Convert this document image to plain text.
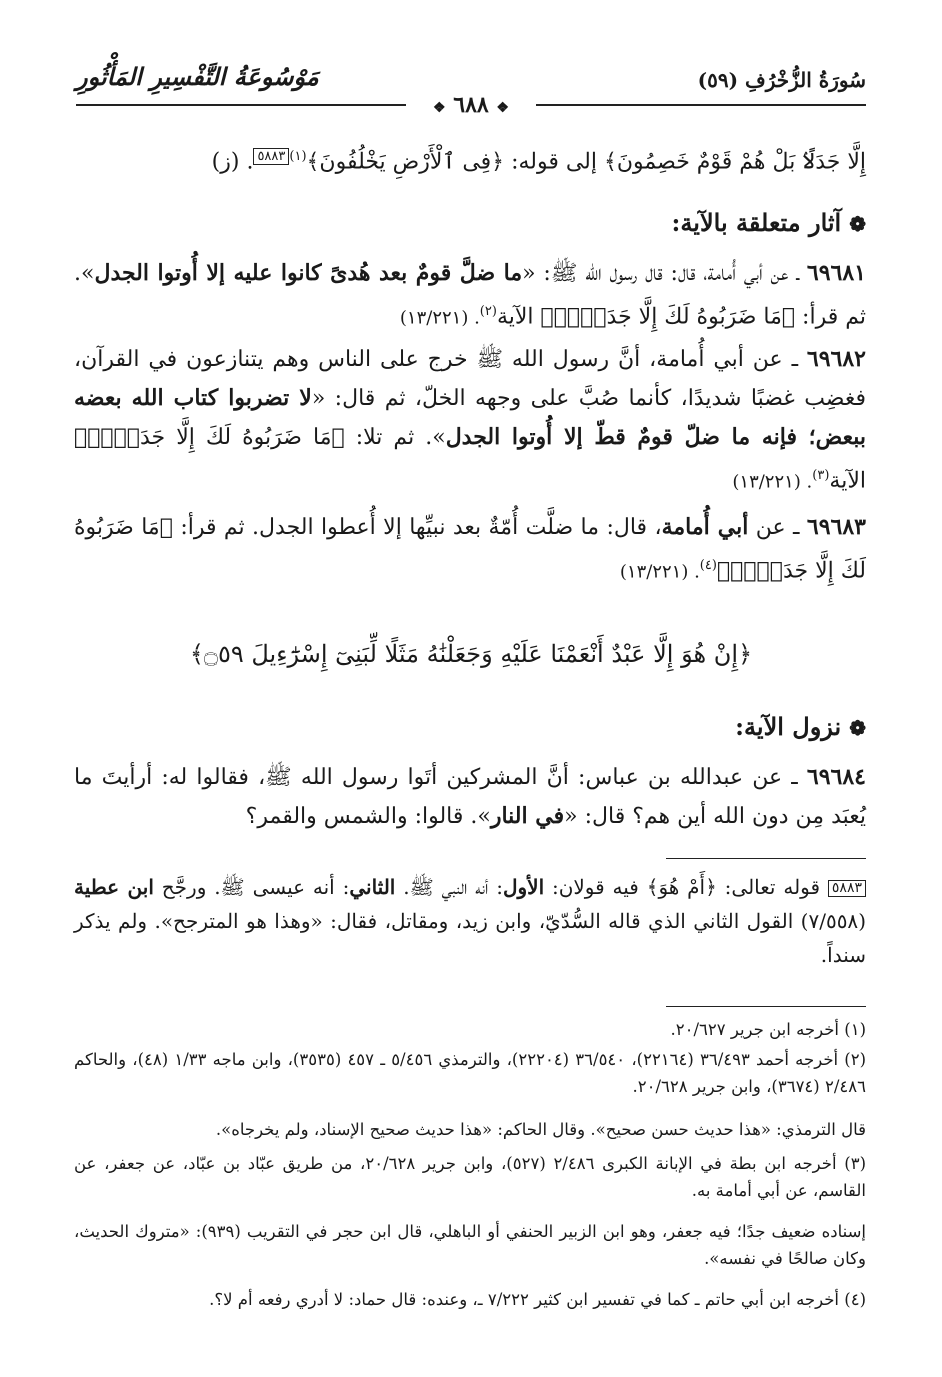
سُورَةُ الزُّخْرُفِ (٥٩)
مَوْسُوعَةُ التَّفْسِيرِ المَأْثُورِ
❖ ٦٨٨ ❖
إِلَّا جَدَلًاۢ بَلْ هُمْ قَوْمٌ خَصِمُونَ﴾ إلى قوله: ﴿فِى ٱلْأَرْضِ يَخْلُفُونَ﴾$^{(١)}$٥٨٨٣. (ز)
❁آثار متعلقة بالآية:
٦٩٦٨١ ـ عن أبي أُمامة، قال: قال رسول الله ﷺ: «ما ضلَّ قومٌ بعد هُدىً كانوا عليه إلا أُوتوا الجدل». ثم قرأ: ﴿مَا ضَرَبُوهُ لَكَ إِلَّا جَدَلًاۢ﴾ الآية$^{(٢)}$. (١٣/٢٢١)
٦٩٦٨٢ ـ عن أبي أُمامة، أنَّ رسول الله ﷺ خرج على الناس وهم يتنازعون في القرآن، فغضِب غضبًا شديدًا، كأنما صُبَّ على وجهه الخلّ، ثم قال: «لا تضربوا كتاب الله بعضه ببعض؛ فإنه ما ضلّ قومٌ قطّ إلا أُوتوا الجدل». ثم تلا: ﴿مَا ضَرَبُوهُ لَكَ إِلَّا جَدَلًاۢ﴾ الآية$^{(٣)}$. (١٣/٢٢١)
٦٩٦٨٣ ـ عن أبي أُمامة، قال: ما ضلَّت أُمّةٌ بعد نبيِّها إلا أُعطوا الجدل. ثم قرأ: ﴿مَا ضَرَبُوهُ لَكَ إِلَّا جَدَلًاۢ﴾$^{(٤)}$. (١٣/٢٢١)
﴿إِنْ هُوَ إِلَّا عَبْدٌ أَنْعَمْنَا عَلَيْهِ وَجَعَلْنَٰهُ مَثَلًا لِّبَنِىٓ إِسْرَٰٓءِيلَ ۝٥٩﴾
❁نزول الآية:
٦٩٦٨٤ ـ عن عبدالله بن عباس: أنَّ المشركين أتَوا رسول الله ﷺ، فقالوا له: أرأيتَ ما يُعبَد مِن دون الله أين هم؟ قال: «في النار». قالوا: والشمس والقمر؟
٥٨٨٣ قوله تعالى: ﴿أَمْ هُوَ﴾ فيه قولان: الأول: أنه النبي ﷺ. الثاني: أنه عيسى ﷺ. ورجَّح ابن عطية (٧/٥٥٨) القول الثاني الذي قاله السُّدّيّ، وابن زيد، ومقاتل، فقال: «وهذا هو المترجح». ولم يذكر سنداً.
(١) أخرجه ابن جرير ٢٠/٦٢٧.
(٢) أخرجه أحمد ٣٦/٤٩٣ (٢٢١٦٤)، ٣٦/٥٤٠ (٢٢٢٠٤)، والترمذي ٥/٤٥٦ ـ ٤٥٧ (٣٥٣٥)، وابن ماجه ١/٣٣ (٤٨)، والحاكم ٢/٤٨٦ (٣٦٧٤)، وابن جرير ٢٠/٦٢٨.
قال الترمذي: «هذا حديث حسن صحيح». وقال الحاكم: «هذا حديث صحيح الإسناد، ولم يخرجاه».
(٣) أخرجه ابن بطة في الإبانة الكبرى ٢/٤٨٦ (٥٢٧)، وابن جرير ٢٠/٦٢٨، من طريق عبّاد بن عبّاد، عن جعفر، عن القاسم، عن أبي أمامة به.
إسناده ضعيف جدًا؛ فيه جعفر، وهو ابن الزبير الحنفي أو الباهلي، قال ابن حجر في التقريب (٩٣٩): «متروك الحديث، وكان صالحًا في نفسه».
(٤) أخرجه ابن أبي حاتم ـ كما في تفسير ابن كثير ٧/٢٢٢ ـ، وعنده: قال حماد: لا أدري رفعه أم لا؟.
